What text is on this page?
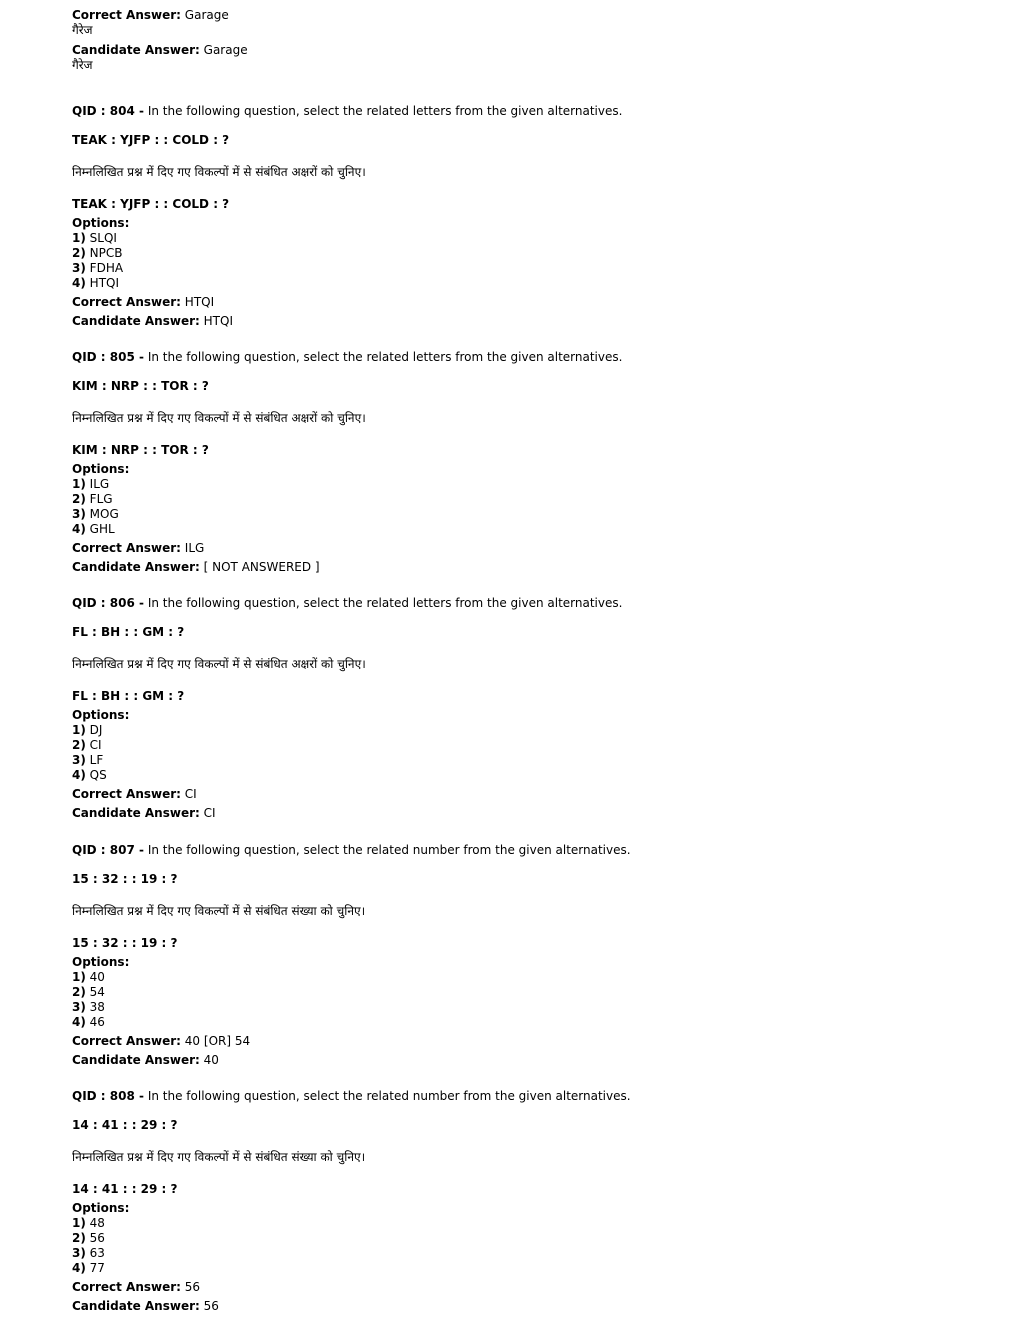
Correct Answer: Garage
गैरेज
Candidate Answer: Garage
गैरेज
QID : 804 - In the following question, select the related letters from the given alternatives.
TEAK : YJFP : : COLD : ?
निम्नलिखित प्रश्न में दिए गए विकल्पों में से संबंधित अक्षरों को चुनिए।
TEAK : YJFP : : COLD : ?
Options:
1) SLQI
2) NPCB
3) FDHA
4) HTQI
Correct Answer: HTQI
Candidate Answer: HTQI
QID : 805 - In the following question, select the related letters from the given alternatives.
KIM : NRP : : TOR : ?
निम्नलिखित प्रश्न में दिए गए विकल्पों में से संबंधित अक्षरों को चुनिए।
KIM : NRP : : TOR : ?
Options:
1) ILG
2) FLG
3) MOG
4) GHL
Correct Answer: ILG
Candidate Answer: [ NOT ANSWERED ]
QID : 806 - In the following question, select the related letters from the given alternatives.
FL : BH : : GM : ?
निम्नलिखित प्रश्न में दिए गए विकल्पों में से संबंधित अक्षरों को चुनिए।
FL : BH : : GM : ?
Options:
1) DJ
2) CI
3) LF
4) QS
Correct Answer: CI
Candidate Answer: CI
QID : 807 - In the following question, select the related number from the given alternatives.
15 : 32 : : 19 : ?
निम्नलिखित प्रश्न में दिए गए विकल्पों में से संबंधित संख्या को चुनिए।
15 : 32 : : 19 : ?
Options:
1) 40
2) 54
3) 38
4) 46
Correct Answer: 40 [OR] 54
Candidate Answer: 40
QID : 808 - In the following question, select the related number from the given alternatives.
14 : 41 : : 29 : ?
निम्नलिखित प्रश्न में दिए गए विकल्पों में से संबंधित संख्या को चुनिए।
14 : 41 : : 29 : ?
Options:
1) 48
2) 56
3) 63
4) 77
Correct Answer: 56
Candidate Answer: 56
